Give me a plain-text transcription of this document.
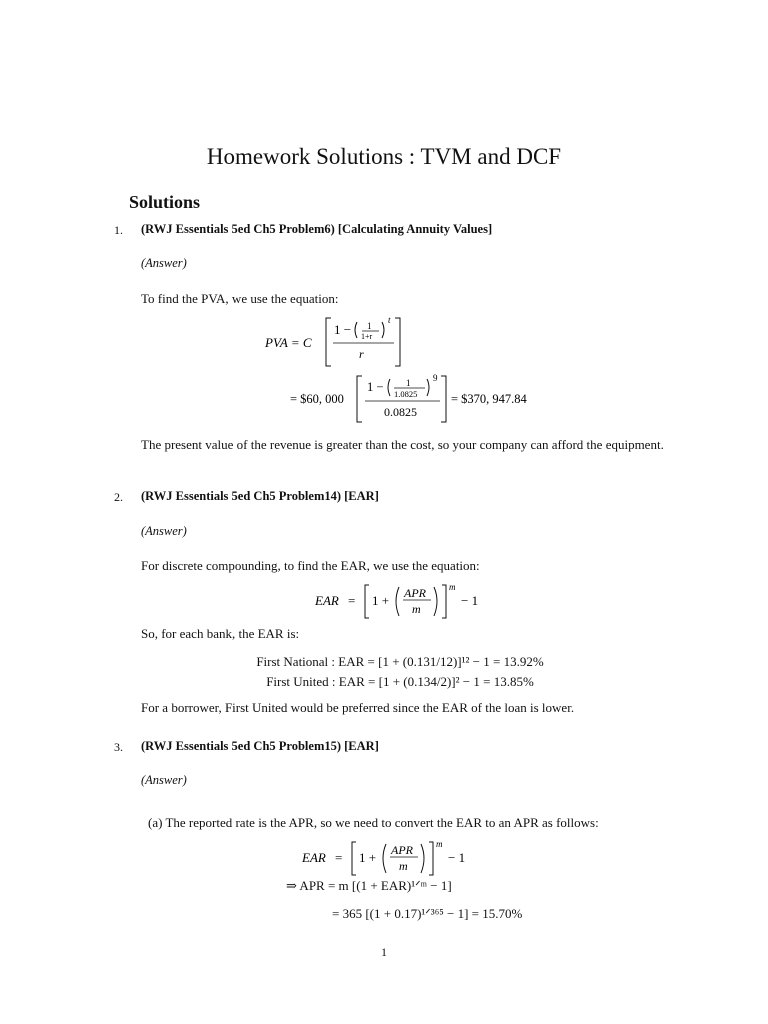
Homework Solutions : TVM and DCF
Solutions
1. (RWJ Essentials 5ed Ch5 Problem6) [Calculating Annuity Values]
(Answer)
To find the PVA, we use the equation:
PVA = C
1 − 1
1+r
t
r
= $60, 000
1 −	1
1.0825
9
0.0825
= $370, 947.84
The present value of the revenue is greater than the cost, so your company can afford the equipment.
2. (RWJ Essentials 5ed Ch5 Problem14) [EAR]
(Answer)
For discrete compounding, to find the EAR, we use the equation:
EAR = 1 + APR
m
m
− 1
So, for each bank, the EAR is:
First National : EAR = [1 + (0.131/12)]¹² − 1 = 13.92%
First United : EAR = [1 + (0.134/2)]² − 1 = 13.85%
For a borrower, First United would be preferred since the EAR of the loan is lower.
3. (RWJ Essentials 5ed Ch5 Problem15) [EAR]
(Answer)
(a) The reported rate is the APR, so we need to convert the EAR to an APR as follows:
EAR = 1 + APR
m
m
− 1
⇒ APR = m [(1 + EAR)¹ᐟᵐ − 1]
= 365 [(1 + 0.17)¹ᐟ³⁶⁵ − 1] = 15.70%
1
